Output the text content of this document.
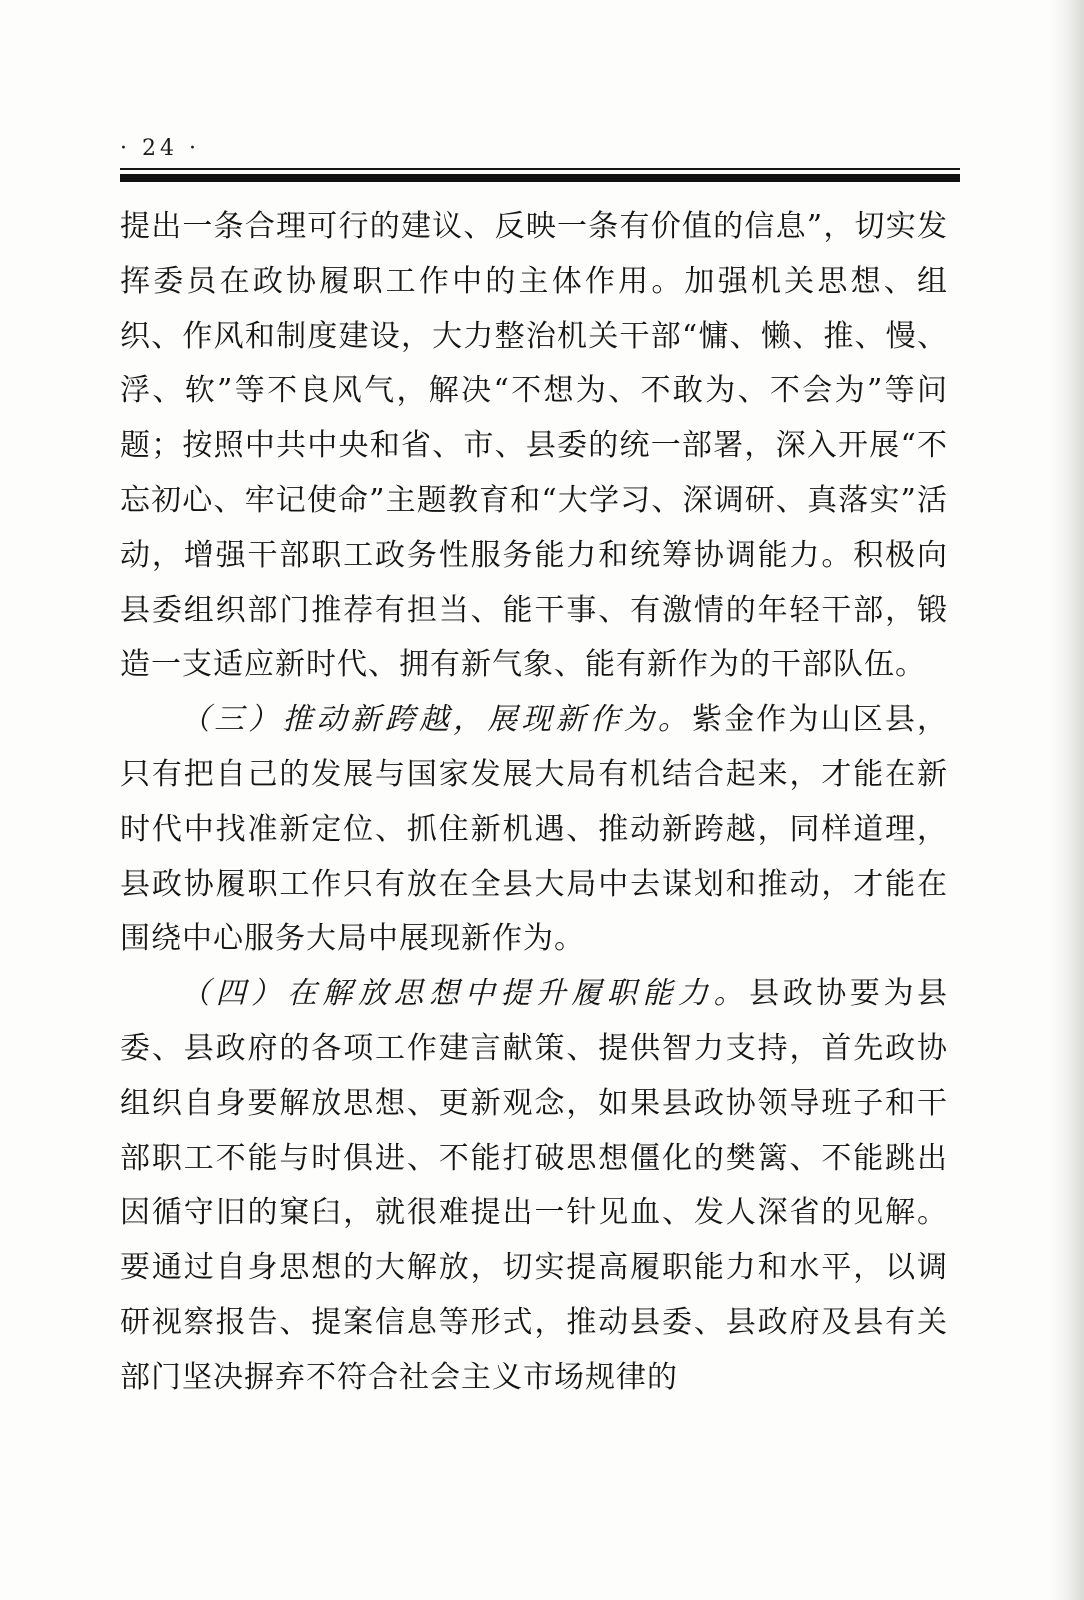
· 24 ·

提出一条合理可行的建议、反映一条有价值的信息”，切实发挥委员在政协履职工作中的主体作用。加强机关思想、组织、作风和制度建设，大力整治机关干部“慵、懒、推、慢、浮、软”等不良风气，解决“不想为、不敢为、不会为”等问题；按照中共中央和省、市、县委的统一部署，深入开展“不忘初心、牢记使命”主题教育和“大学习、深调研、真落实”活动，增强干部职工政务性服务能力和统筹协调能力。积极向县委组织部门推荐有担当、能干事、有激情的年轻干部，锻造一支适应新时代、拥有新气象、能有新作为的干部队伍。

（三）推动新跨越，展现新作为。紫金作为山区县，只有把自己的发展与国家发展大局有机结合起来，才能在新时代中找准新定位、抓住新机遇、推动新跨越，同样道理，县政协履职工作只有放在全县大局中去谋划和推动，才能在围绕中心服务大局中展现新作为。

（四）在解放思想中提升履职能力。县政协要为县委、县政府的各项工作建言献策、提供智力支持，首先政协组织自身要解放思想、更新观念，如果县政协领导班子和干部职工不能与时俱进、不能打破思想僵化的樊篱、不能跳出因循守旧的窠臼，就很难提出一针见血、发人深省的见解。要通过自身思想的大解放，切实提高履职能力和水平，以调研视察报告、提案信息等形式，推动县委、县政府及县有关部门坚决摒弃不符合社会主义市场规律的
